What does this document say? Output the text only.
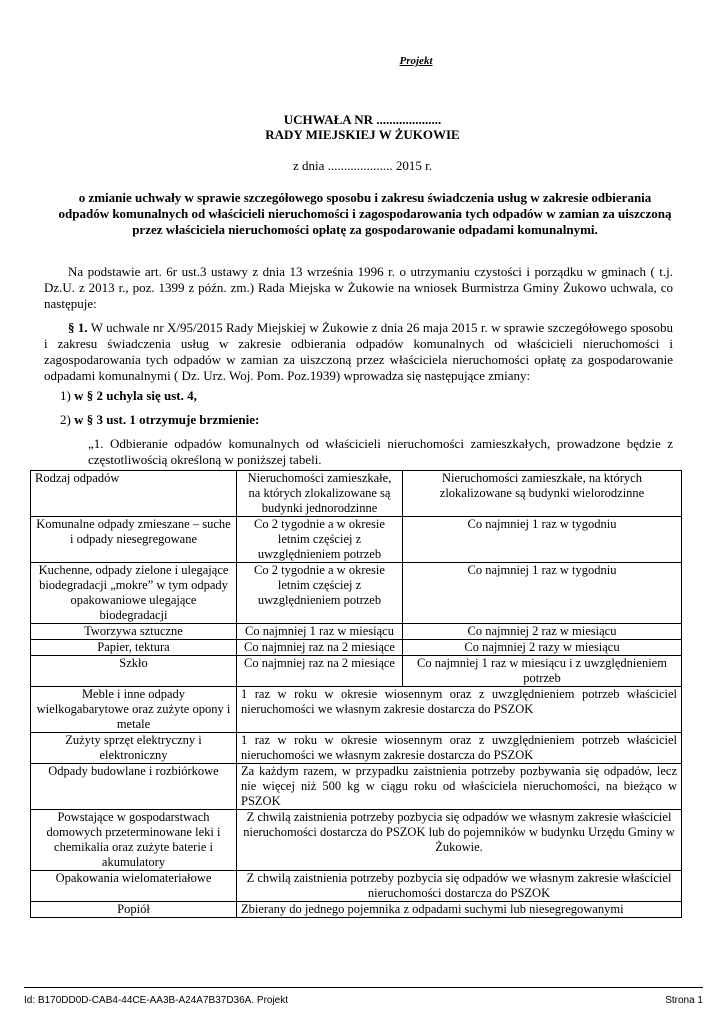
Projekt
UCHWAŁA NR ....................
RADY MIEJSKIEJ W ŻUKOWIE
z dnia .................... 2015 r.
o zmianie uchwały w sprawie szczegółowego sposobu i zakresu świadczenia usług w zakresie odbierania odpadów komunalnych od właścicieli nieruchomości i zagospodarowania tych odpadów w zamian za uiszczoną przez właściciela nieruchomości opłatę za gospodarowanie odpadami komunalnymi.
Na podstawie art. 6r ust.3 ustawy z dnia 13 września 1996 r. o utrzymaniu czystości i porządku w gminach ( t.j. Dz.U. z 2013 r., poz. 1399 z późn. zm.) Rada Miejska w Żukowie na wniosek Burmistrza Gminy Żukowo uchwala, co następuje:
§ 1. W uchwale nr X/95/2015 Rady Miejskiej w Żukowie z dnia 26 maja 2015 r. w sprawie szczegółowego sposobu i zakresu świadczenia usług w zakresie odbierania odpadów komunalnych od właścicieli nieruchomości i zagospodarowania tych odpadów w zamian za uiszczoną przez właściciela nieruchomości opłatę za gospodarowanie odpadami komunalnymi ( Dz. Urz. Woj. Pom. Poz.1939) wprowadza się następujące zmiany:
1) w § 2 uchyla się ust. 4,
2) w § 3 ust. 1 otrzymuje brzmienie:
„1. Odbieranie odpadów komunalnych od właścicieli nieruchomości zamieszkałych, prowadzone będzie z częstotliwością określoną w poniższej tabeli.
Rodzaj odpadów	Nieruchomości zamieszkałe, na których zlokalizowane są budynki jednorodzinne	Nieruchomości zamieszkałe, na których zlokalizowane są budynki wielorodzinne
Komunalne odpady zmieszane – suche i odpady niesegregowane	Co 2 tygodnie a w okresie letnim częściej z uwzględnieniem potrzeb	Co najmniej 1 raz w tygodniu
Kuchenne, odpady zielone i ulegające biodegradacji „mokre” w tym odpady opakowaniowe ulegające biodegradacji	Co 2 tygodnie a w okresie letnim częściej z uwzględnieniem potrzeb	Co najmniej 1 raz w tygodniu
Tworzywa sztuczne	Co najmniej 1 raz w miesiącu	Co najmniej 2 raz w miesiącu
Papier, tektura	Co najmniej raz na 2 miesiące	Co najmniej 2 razy w miesiącu
Szkło	Co najmniej raz na 2 miesiące	Co najmniej 1 raz w miesiącu i z uwzględnieniem potrzeb
Meble i inne odpady wielkogabarytowe oraz zużyte opony i metale	1 raz w roku w okresie wiosennym oraz z uwzględnieniem potrzeb właściciel nieruchomości we własnym zakresie dostarcza do PSZOK	
Zużyty sprzęt elektryczny i elektroniczny	1 raz w roku w okresie wiosennym oraz z uwzględnieniem potrzeb właściciel nieruchomości we własnym zakresie dostarcza do PSZOK	
Odpady budowlane i rozbiórkowe	Za każdym razem, w przypadku zaistnienia potrzeby pozbywania się odpadów, lecz nie więcej niż 500 kg w ciągu roku od właściciela nieruchomości, na bieżąco w PSZOK	
Powstające w gospodarstwach domowych przeterminowane leki i chemikalia oraz zużyte baterie i akumulatory	Z chwilą zaistnienia potrzeby pozbycia się odpadów we własnym zakresie właściciel nieruchomości dostarcza do PSZOK lub do pojemników w budynku Urzędu Gminy w Żukowie.	
Opakowania wielomateriałowe	Z chwilą zaistnienia potrzeby pozbycia się odpadów we własnym zakresie właściciel nieruchomości dostarcza do PSZOK	
Popiół	Zbierany do jednego pojemnika z odpadami suchymi lub niesegregowanymi	
Id: B170DD0D-CAB4-44CE-AA3B-A24A7B37D36A. Projekt	Strona 1
